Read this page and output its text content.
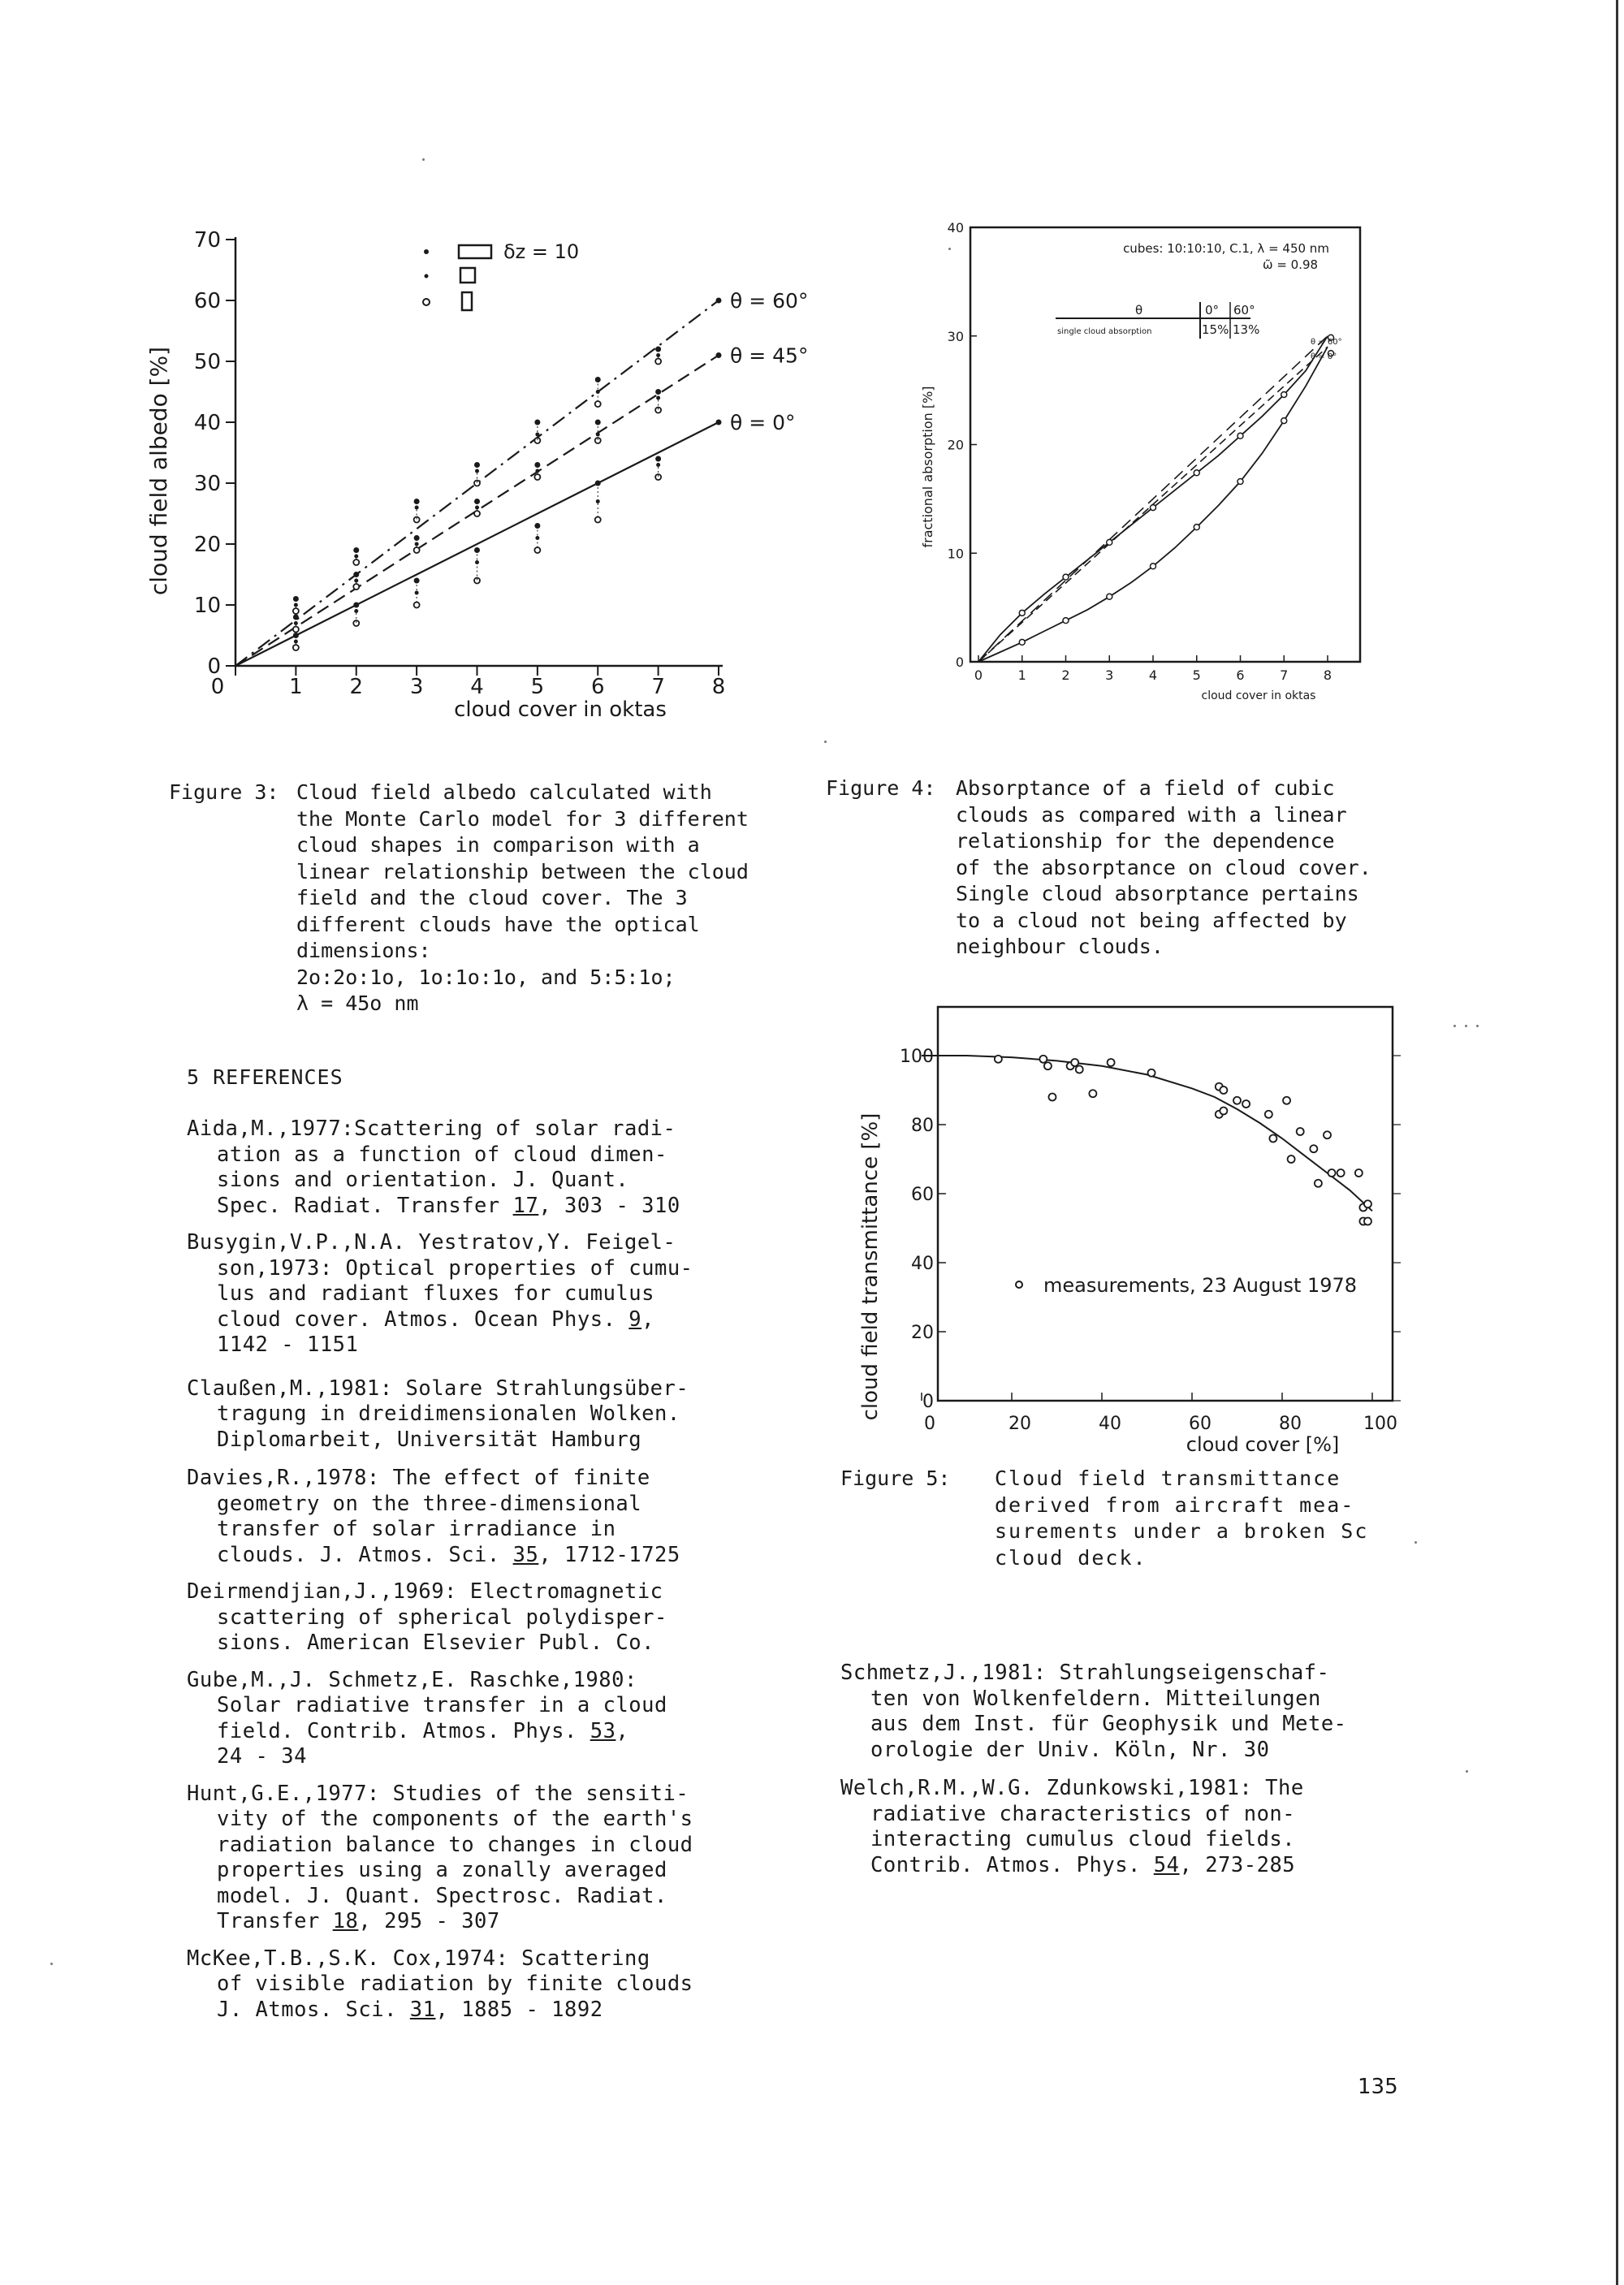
0	1 2 3 4 5 6 7 8
0
10
20
30
40
50
60
70
θ = 60°
θ = 45°
θ = 0°
δz = 10
cloud field albedo [%]
cloud cover in oktas
Figure 3: Cloud field albedo calculated with
the Monte Carlo model for 3 different
cloud shapes in comparison with a
linear relationship between the cloud
field and the cloud cover. The 3
different clouds have the optical
dimensions:
2o:2o:1o, 1o:1o:1o, and 5:5:1o;
λ = 45o nm
0	1	2	3	4	5	6	7	8
0
10
20
30
40
cubes: 10:10:10, C.1, λ = 450 nm
ω̃ = 0.98
θ	0° 60°
single cloud absorption	15% 13%
θ = 60°
θ = 0°
fractional absorption [%]
cloud cover in oktas
Figure 4: Absorptance of a field of cubic
clouds as compared with a linear
relationship for the dependence
of the absorptance on cloud cover.
Single cloud absorptance pertains
to a cloud not being affected by
neighbour clouds.
0	20	40	60	80	100
0
20
40
60
80
100
measurements, 23 August 1978
cloud field transmittance [%]
cloud cover [%]
Figure 5: Cloud field transmittance
derived from aircraft mea-
surements under a broken Sc
cloud deck.
5 REFERENCES
Aida,M.,1977:Scattering of solar radi-
ation as a function of cloud dimen-
sions and orientation. J. Quant.
Spec. Radiat. Transfer 17, 303 - 310
Busygin,V.P.,N.A. Yestratov,Y. Feigel-
son,1973: Optical properties of cumu-
lus and radiant fluxes for cumulus
cloud cover. Atmos. Ocean Phys. 9,
1142 - 1151
Claußen,M.,1981: Solare Strahlungsüber-
tragung in dreidimensionalen Wolken.
Diplomarbeit, Universität Hamburg
Davies,R.,1978: The effect of finite
geometry on the three-dimensional
transfer of solar irradiance in
clouds. J. Atmos. Sci. 35, 1712-1725
Deirmendjian,J.,1969: Electromagnetic
scattering of spherical polydisper-
sions. American Elsevier Publ. Co.
Gube,M.,J. Schmetz,E. Raschke,1980:
Solar radiative transfer in a cloud
field. Contrib. Atmos. Phys. 53,
24 - 34
Hunt,G.E.,1977: Studies of the sensiti-
vity of the components of the earth's
radiation balance to changes in cloud
properties using a zonally averaged
model. J. Quant. Spectrosc. Radiat.
Transfer 18, 295 - 307
McKee,T.B.,S.K. Cox,1974: Scattering
of visible radiation by finite clouds
J. Atmos. Sci. 31, 1885 - 1892
Schmetz,J.,1981: Strahlungseigenschaf-
ten von Wolkenfeldern. Mitteilungen
aus dem Inst. für Geophysik und Mete-
orologie der Univ. Köln, Nr. 30
Welch,R.M.,W.G. Zdunkowski,1981: The
radiative characteristics of non-
interacting cumulus cloud fields.
Contrib. Atmos. Phys. 54, 273-285
135
